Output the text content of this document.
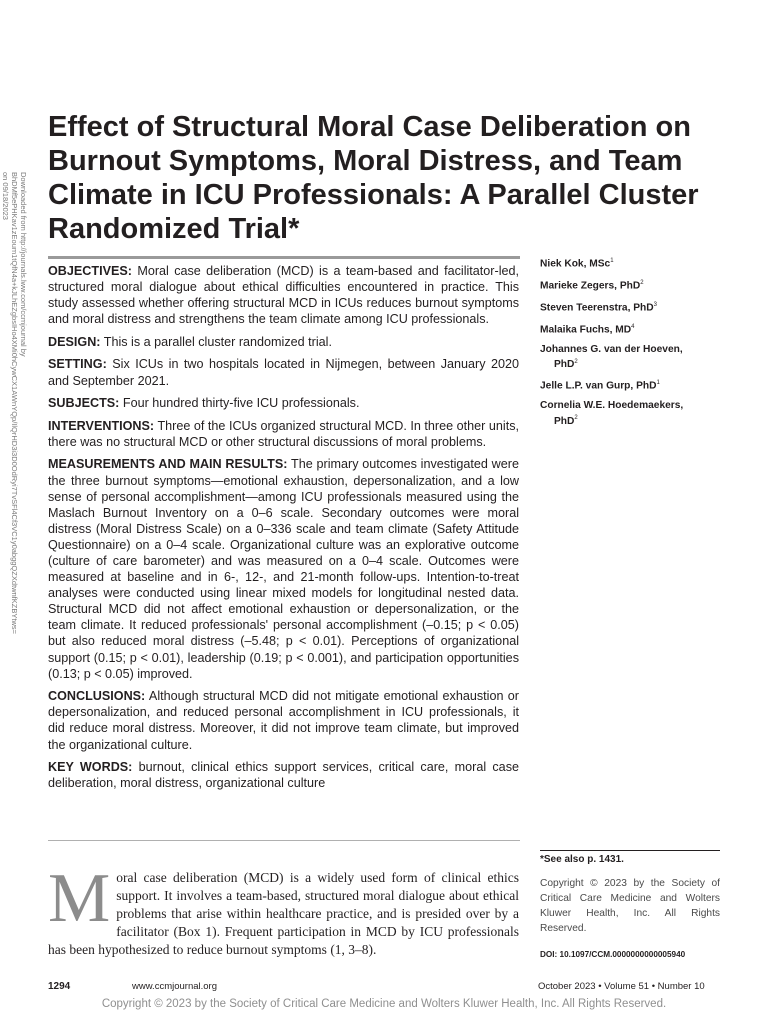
Downloaded from http://journals.lww.com/ccmjournal by BhDMf5ePHKav1zEoum1tQfN4a+kJLhEZgbsIHo4XMi0hCywCX1AWnYQp/IlQrHD3i3D0OdRyi7TvSFl4Cf3VC1y0abggQZXdtwnfKZBYtws= on 09/18/2023
Effect of Structural Moral Case Deliberation on Burnout Symptoms, Moral Distress, and Team Climate in ICU Professionals: A Parallel Cluster Randomized Trial*

OBJECTIVES: Moral case deliberation (MCD) is a team-based and facilitator-led, structured moral dialogue about ethical difficulties encountered in practice. This study assessed whether offering structural MCD in ICUs reduces burnout symptoms and moral distress and strengthens the team climate among ICU professionals.

DESIGN: This is a parallel cluster randomized trial.

SETTING: Six ICUs in two hospitals located in Nijmegen, between January 2020 and September 2021.

SUBJECTS: Four hundred thirty-five ICU professionals.

INTERVENTIONS: Three of the ICUs organized structural MCD. In three other units, there was no structural MCD or other structural discussions of moral problems.

MEASUREMENTS AND MAIN RESULTS: The primary outcomes investigated were the three burnout symptoms—emotional exhaustion, depersonalization, and a low sense of personal accomplishment—among ICU professionals measured using the Maslach Burnout Inventory on a 0–6 scale. Secondary outcomes were moral distress (Moral Distress Scale) on a 0–336 scale and team climate (Safety Attitude Questionnaire) on a 0–4 scale. Organizational culture was an explorative outcome (culture of care barometer) and was measured on a 0–4 scale. Outcomes were measured at baseline and in 6-, 12-, and 21-month follow-ups. Intention-to-treat analyses were conducted using linear mixed models for longitudinal nested data. Structural MCD did not affect emotional exhaustion or depersonalization, or the team climate. It reduced professionals' personal accomplishment (–0.15; p < 0.05) but also reduced moral distress (–5.48; p < 0.01). Perceptions of organizational support (0.15; p < 0.01), leadership (0.19; p < 0.001), and participation opportunities (0.13; p < 0.05) improved.

CONCLUSIONS: Although structural MCD did not mitigate emotional exhaustion or depersonalization, and reduced personal accomplishment in ICU professionals, it did reduce moral distress. Moreover, it did not improve team climate, but improved the organizational culture.

KEY WORDS: burnout, clinical ethics support services, critical care, moral case deliberation, moral distress, organizational culture

Niek Kok, MSc$^1$
Marieke Zegers, PhD$^2$
Steven Teerenstra, PhD$^3$
Malaika Fuchs, $MD^4$
Johannes G. van der Hoeven,
PhD$^2$
Jelle L.P. van Gurp, PhD$^1$
Cornelia W.E. Hoedemaekers,
PhD$^2$
*See also p. 1431.
Copyright © 2023 by the Society of Critical Care Medicine and Wolters Kluwer Health, Inc. All Rights Reserved.
DOI: 10.1097/CCM.0000000000005940
Moral case deliberation (MCD) is a widely used form of clinical ethics support. It involves a team-based, structured moral dialogue about ethical problems that arise within healthcare practice, and is presided over by a facilitator (Box 1). Frequent participation in MCD by ICU professionals has been hypothesized to reduce burnout symptoms (1, 3–8).
1294	www.ccmjournal.org	October 2023 • Volume 51 • Number 10
Copyright © 2023 by the Society of Critical Care Medicine and Wolters Kluwer Health, Inc. All Rights Reserved.
